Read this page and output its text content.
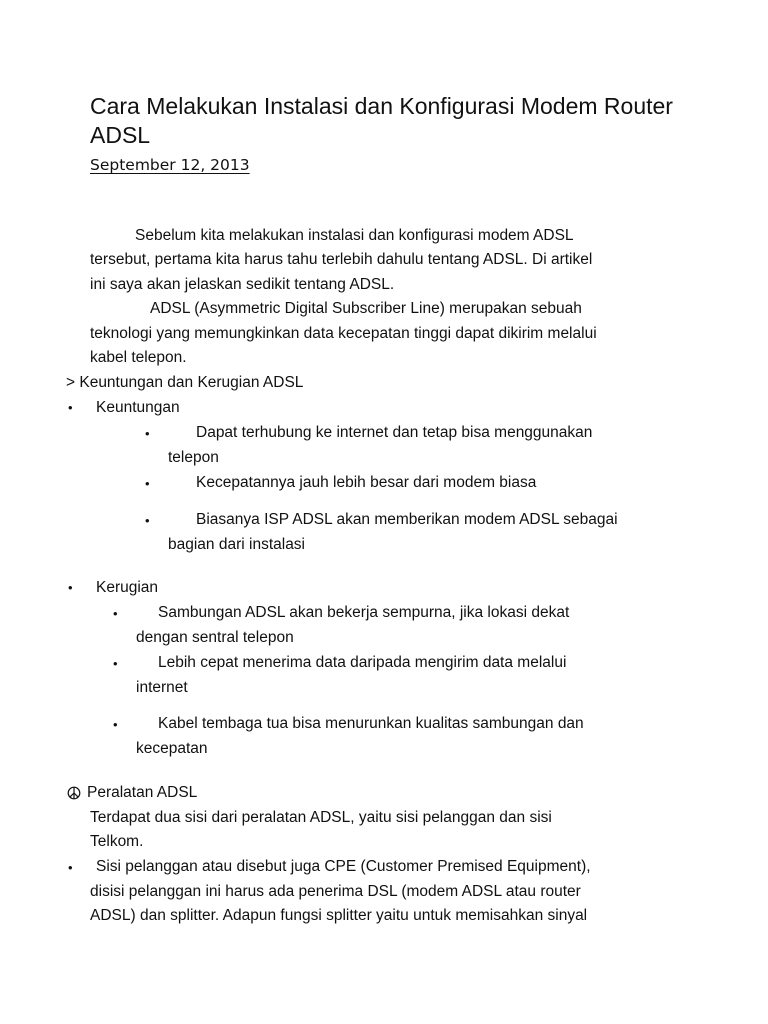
Cara Melakukan Instalasi dan Konfigurasi Modem Router ADSL
September 12, 2013
Sebelum kita melakukan instalasi dan konfigurasi modem ADSL
tersebut, pertama kita harus tahu terlebih dahulu tentang ADSL. Di artikel
ini saya akan jelaskan sedikit tentang ADSL.
ADSL (Asymmetric Digital Subscriber Line) merupakan sebuah
teknologi yang memungkinkan data kecepatan tinggi dapat dikirim melalui
kabel telepon.
> Keuntungan dan Kerugian ADSL
• Keuntungan
•	Dapat terhubung ke internet dan tetap bisa menggunakan
telepon
•	Kecepatannya jauh lebih besar dari modem biasa
•	Biasanya ISP ADSL akan memberikan modem ADSL sebagai
bagian dari instalasi
• Kerugian
•	Sambungan ADSL akan bekerja sempurna, jika lokasi dekat
dengan sentral telepon
•	Lebih cepat menerima data daripada mengirim data melalui
internet
•	Kabel tembaga tua bisa menurunkan kualitas sambungan dan
kecepatan
Peralatan ADSL
Terdapat dua sisi dari peralatan ADSL, yaitu sisi pelanggan dan sisi
Telkom.
• Sisi pelanggan atau disebut juga CPE (Customer Premised Equipment),
disisi pelanggan ini harus ada penerima DSL (modem ADSL atau router
ADSL) dan splitter. Adapun fungsi splitter yaitu untuk memisahkan sinyal
